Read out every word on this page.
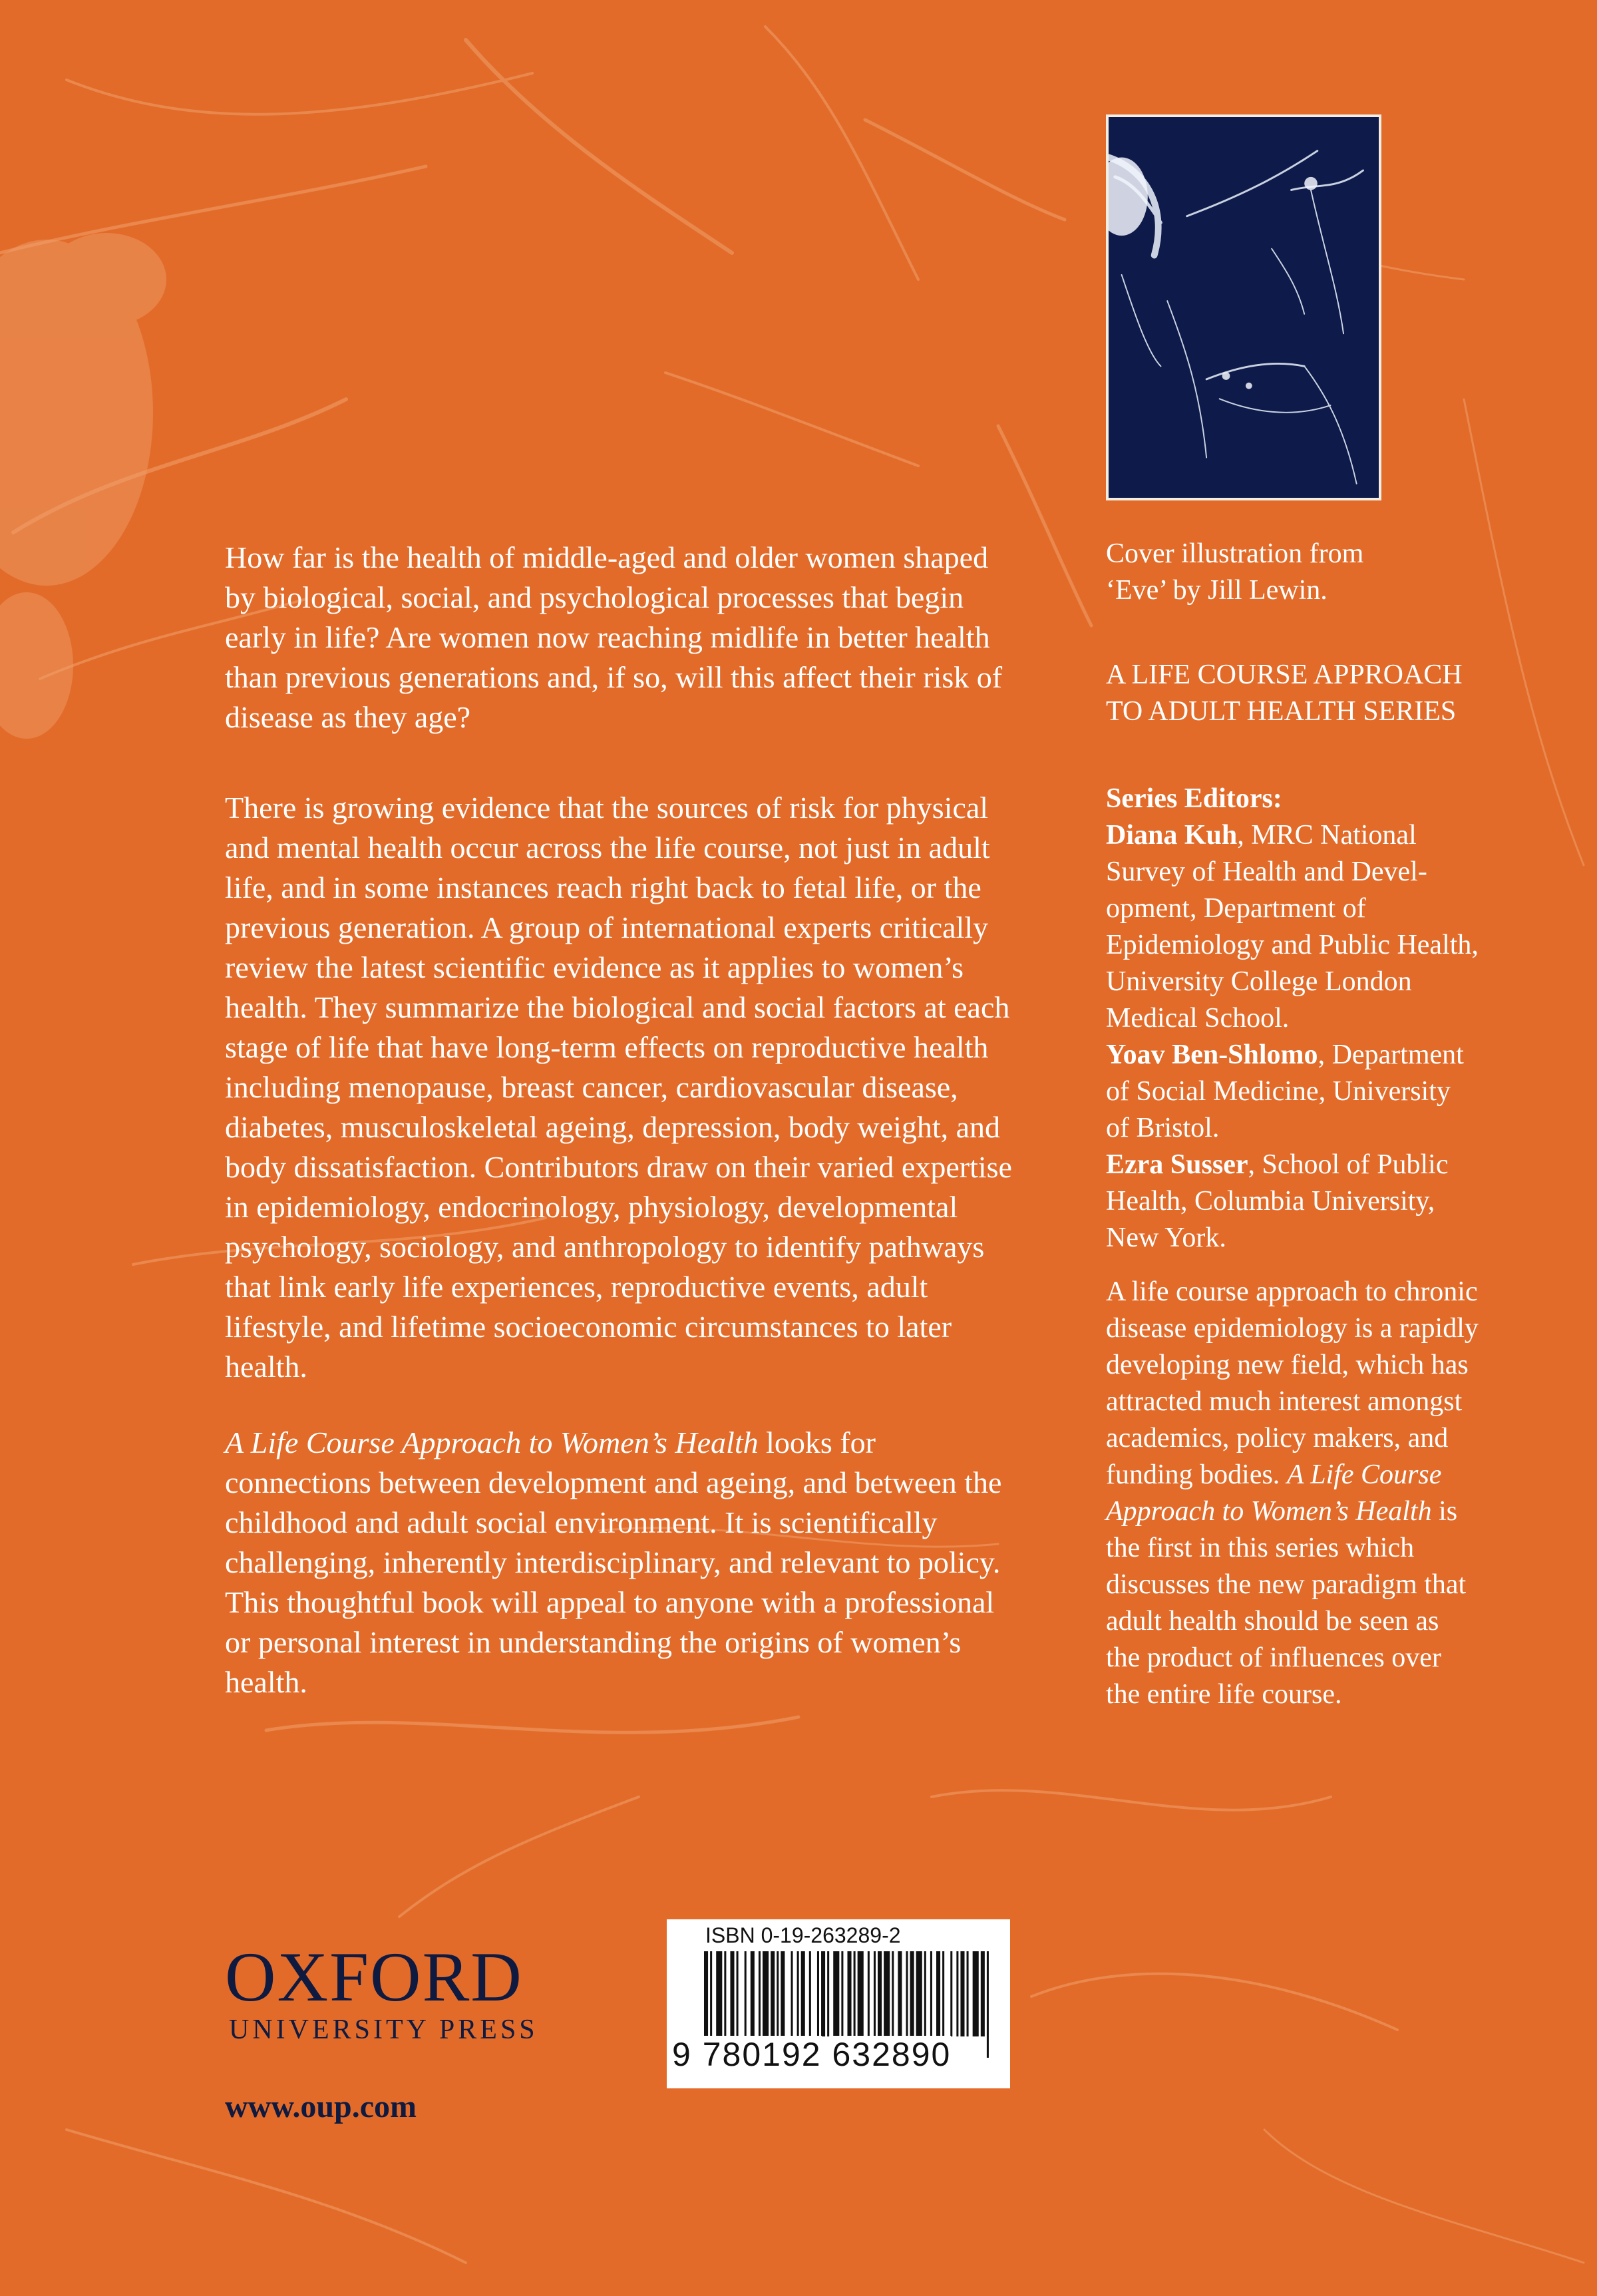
How far is the health of middle-aged and older women shaped by biological, social, and psychological processes that begin early in life? Are women now reaching midlife in better health than previous generations and, if so, will this affect their risk of disease as they age?

There is growing evidence that the sources of risk for physical and mental health occur across the life course, not just in adult life, and in some instances reach right back to fetal life, or the previous generation. A group of international experts critically review the latest scientific evidence as it applies to women’s health. They summarize the biological and social factors at each stage of life that have long-term effects on reproductive health including menopause, breast cancer, cardiovascular disease, diabetes, musculoskeletal ageing, depression, body weight, and body dissatisfaction. Contributors draw on their varied expertise in epidemiology, endocrinology, physiology, developmental psychology, sociology, and anthropology to identify pathways that link early life experiences, reproductive events, adult lifestyle, and lifetime socioeconomic circumstances to later health.

A Life Course Approach to Women’s Health looks for connections between development and ageing, and between the childhood and adult social environment. It is scientifically challenging, inherently interdisciplinary, and relevant to policy. This thoughtful book will appeal to anyone with a professional or personal interest in understanding the origins of women’s health.

Cover illustration from
‘Eve’ by Jill Lewin.

A LIFE COURSE APPROACH TO ADULT HEALTH SERIES

Series Editors:

Diana Kuh, MRC National Survey of Health and Development, Department of Epidemiology and Public Health, University College London Medical School.

Yoav Ben-Shlomo, Department of Social Medicine, University of Bristol.

Ezra Susser, School of Public Health, Columbia University, New York.

A life course approach to chronic disease epidemiology is a rapidly developing new field, which has attracted much interest amongst academics, policy makers, and funding bodies. A Life Course Approach to Women’s Health is the first in this series which discusses the new paradigm that adult health should be seen as the product of influences over the entire life course.

OXFORD
UNIVERSITY PRESS
www.oup.com
ISBN 0-19-263289-2
9 780192 632890
